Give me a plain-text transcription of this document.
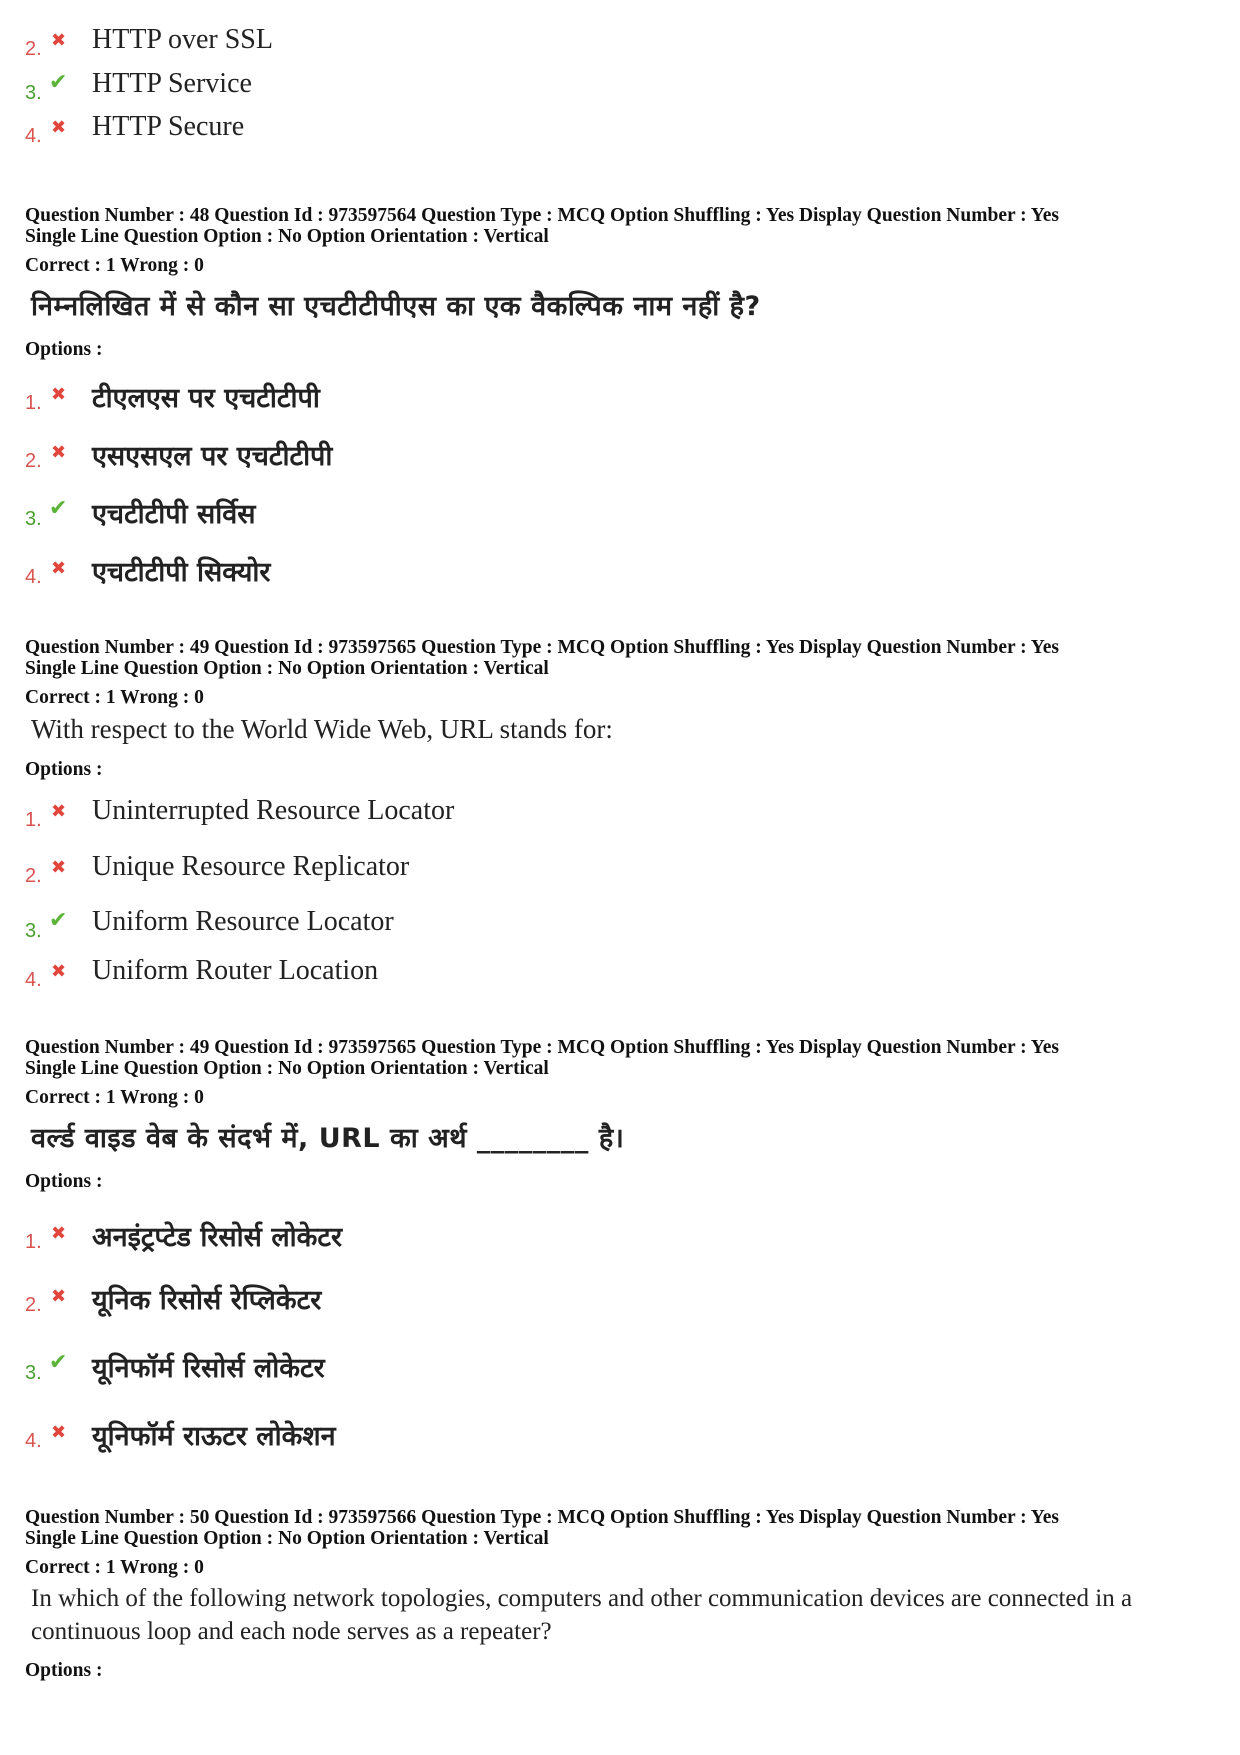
2. ✖ HTTP over SSL
3. ✔ HTTP Service
4. ✖ HTTP Secure
Question Number : 48 Question Id : 973597564 Question Type : MCQ Option Shuffling : Yes Display Question Number : Yes
Single Line Question Option : No Option Orientation : Vertical
Correct : 1 Wrong : 0
निम्नलिखित में से कौन सा एचटीटीपीएस का एक वैकल्पिक नाम नहीं है?
Options :
1. ✖ टीएलएस पर एचटीटीपी
2. ✖ एसएसएल पर एचटीटीपी
3. ✔ एचटीटीपी सर्विस
4. ✖ एचटीटीपी सिक्योर
Question Number : 49 Question Id : 973597565 Question Type : MCQ Option Shuffling : Yes Display Question Number : Yes
Single Line Question Option : No Option Orientation : Vertical
Correct : 1 Wrong : 0
With respect to the World Wide Web, URL stands for:
Options :
1. ✖ Uninterrupted Resource Locator
2. ✖ Unique Resource Replicator
3. ✔ Uniform Resource Locator
4. ✖ Uniform Router Location
Question Number : 49 Question Id : 973597565 Question Type : MCQ Option Shuffling : Yes Display Question Number : Yes
Single Line Question Option : No Option Orientation : Vertical
Correct : 1 Wrong : 0
वर्ल्ड वाइड वेब के संदर्भ में, URL का अर्थ ________ है।
Options :
1. ✖ अनइंट्रप्टेड रिसोर्स लोकेटर
2. ✖ यूनिक रिसोर्स रेप्लिकेटर
3. ✔ यूनिफॉर्म रिसोर्स लोकेटर
4. ✖ यूनिफॉर्म राऊटर लोकेशन
Question Number : 50 Question Id : 973597566 Question Type : MCQ Option Shuffling : Yes Display Question Number : Yes
Single Line Question Option : No Option Orientation : Vertical
Correct : 1 Wrong : 0
In which of the following network topologies, computers and other communication devices are connected in a continuous loop and each node serves as a repeater?
Options :
